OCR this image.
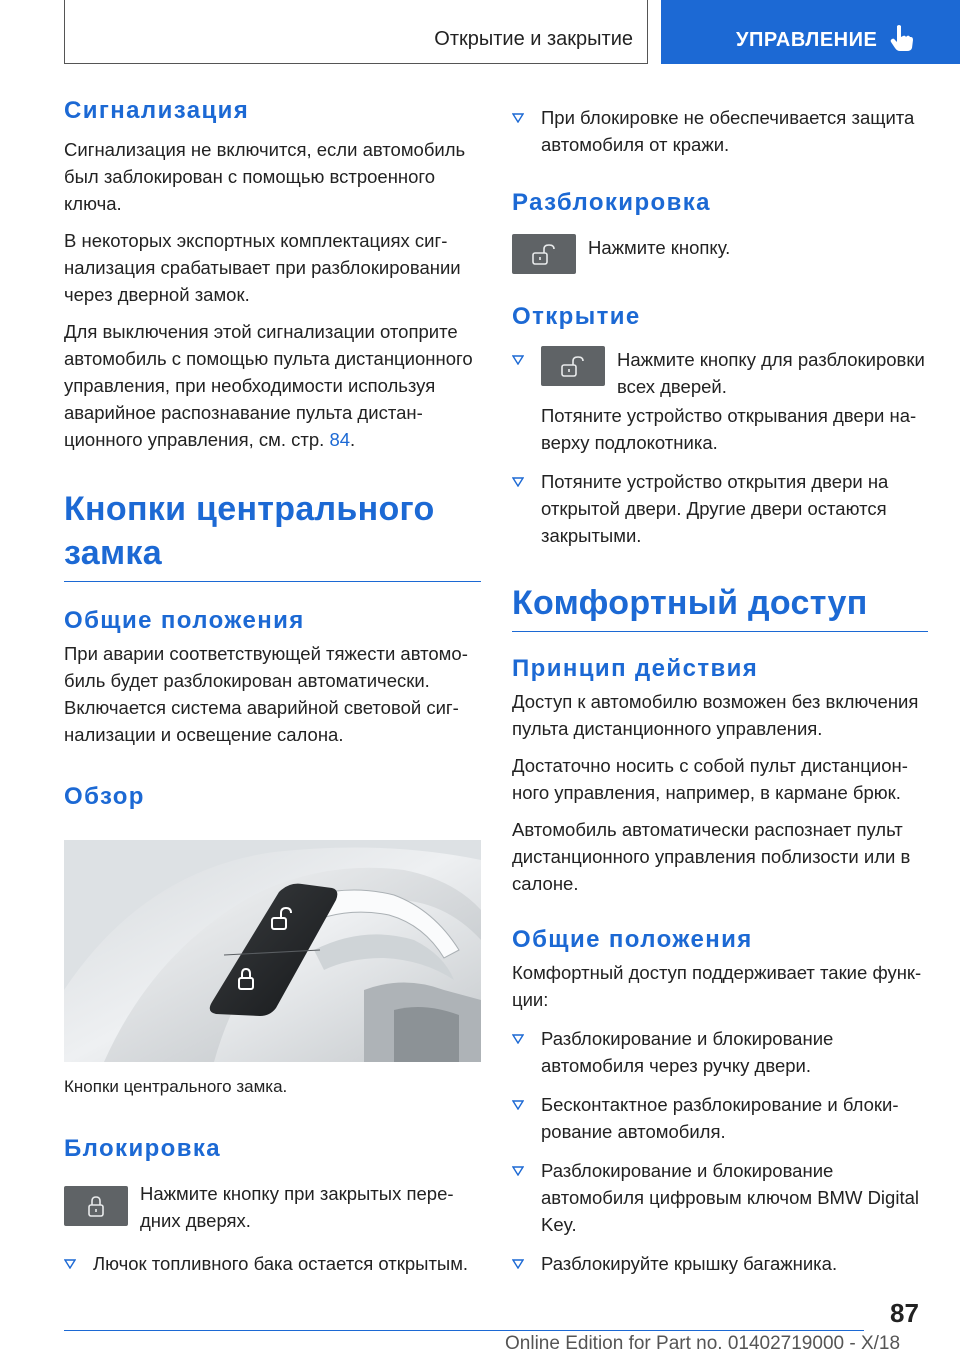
Открытие и закрытие	УПРАВЛЕНИЕ
Сигнализация

Сигнализация не включится, если автомобиль был заблокирован с помощью встроенного ключа.

В некоторых экспортных комплектациях сигнализация срабатывает при разблокировании через дверной замок.

Для выключения этой сигнализации отоприте автомобиль с помощью пульта дистанционного управления, при необходимости используя аварийное распознавание пульта дистанционного управления, см. стр. 84.

Кнопки центрального замка
Общие положения

При аварии соответствующей тяжести автомобиль будет разблокирован автоматически. Включается система аварийной световой сигнализации и освещение салона.

Обзор
Кнопки центрального замка.
Блокировка

Нажмите кнопку при закрытых передних дверях.

Лючок топливного бака остается открытым.
При блокировке не обеспечивается защита автомобиля от кражи.
Разблокировка

Нажмите кнопку.

Открытие

Нажмите кнопку для разблокировки всех дверей.

Потяните устройство открывания двери наверху подлокотника.

Потяните устройство открытия двери на открытой двери. Другие двери остаются закрытыми.
Комфортный доступ
Принцип действия

Доступ к автомобилю возможен без включения пульта дистанционного управления.

Достаточно носить с собой пульт дистанционного управления, например, в кармане брюк.

Автомобиль автоматически распознает пульт дистанционного управления поблизости или в салоне.

Общие положения

Комфортный доступ поддерживает такие функции:

Разблокирование и блокирование автомобиля через ручку двери.
Бесконтактное разблокирование и блокирование автомобиля.
Разблокирование и блокирование автомобиля цифровым ключом BMW Digital Key.
Разблокируйте крышку багажника.
87
Online Edition for Part no. 01402719000 - X/18
